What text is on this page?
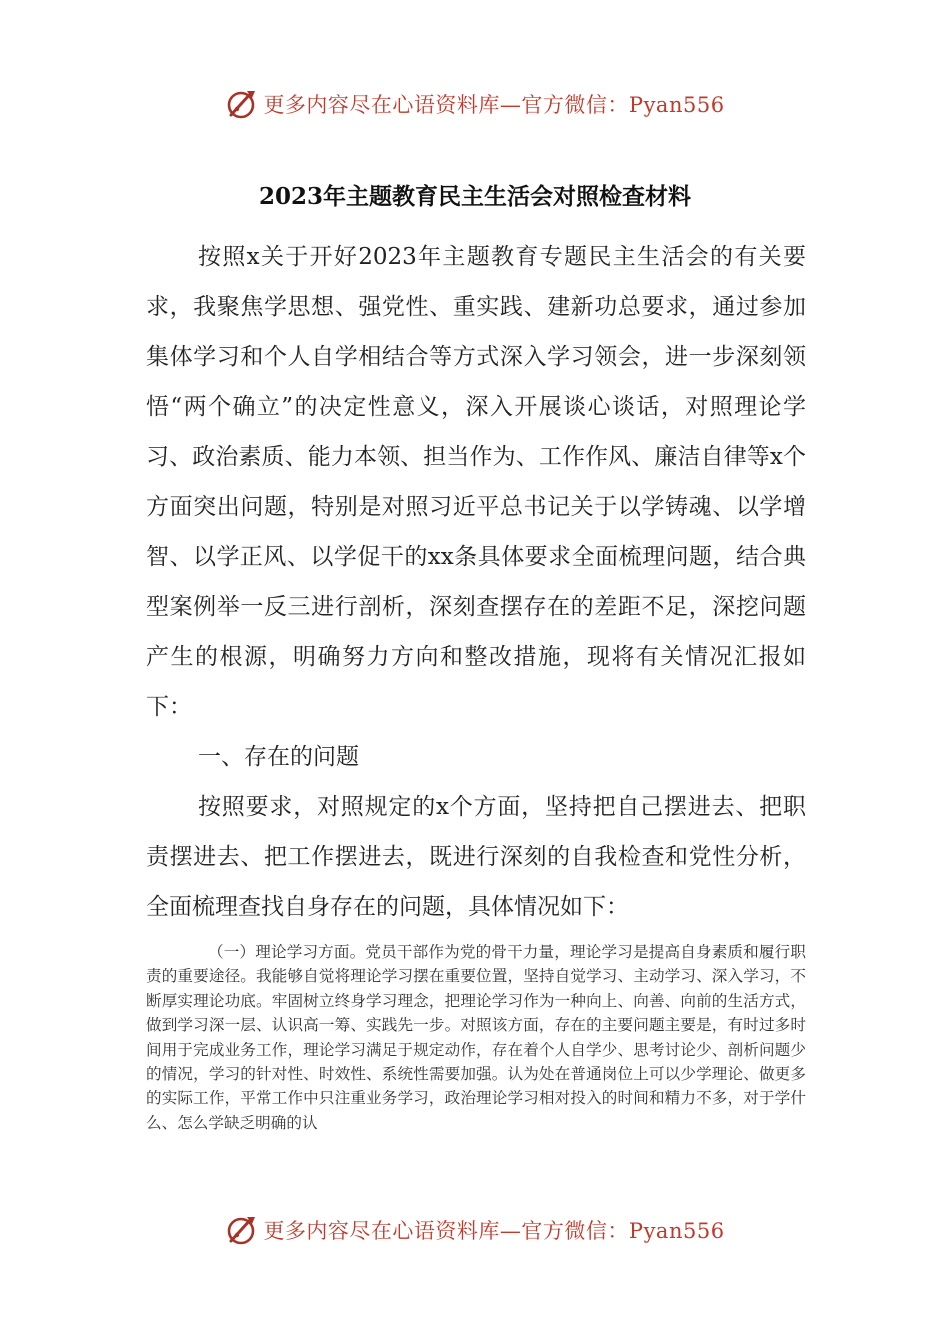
更多内容尽在心语资料库—官方微信：Pyan556
2023年主题教育民主生活会对照检查材料

按照x关于开好2023年主题教育专题民主生活会的有关要求，我聚焦学思想、强党性、重实践、建新功总要求，通过参加集体学习和个人自学相结合等方式深入学习领会，进一步深刻领悟“两个确立”的决定性意义，深入开展谈心谈话，对照理论学习、政治素质、能力本领、担当作为、工作作风、廉洁自律等x个方面突出问题，特别是对照习近平总书记关于以学铸魂、以学增智、以学正风、以学促干的xx条具体要求全面梳理问题，结合典型案例举一反三进行剖析，深刻查摆存在的差距不足，深挖问题产生的根源，明确努力方向和整改措施，现将有关情况汇报如下：

一、存在的问题

按照要求，对照规定的x个方面，坚持把自己摆进去、把职责摆进去、把工作摆进去，既进行深刻的自我检查和党性分析，全面梳理查找自身存在的问题，具体情况如下：

（一）理论学习方面。党员干部作为党的骨干力量，理论学习是提高自身素质和履行职责的重要途径。我能够自觉将理论学习摆在重要位置，坚持自觉学习、主动学习、深入学习，不断厚实理论功底。牢固树立终身学习理念，把理论学习作为一种向上、向善、向前的生活方式，做到学习深一层、认识高一筹、实践先一步。对照该方面，存在的主要问题主要是，有时过多时间用于完成业务工作，理论学习满足于规定动作，存在着个人自学少、思考讨论少、剖析问题少的情况，学习的针对性、时效性、系统性需要加强。认为处在普通岗位上可以少学理论、做更多的实际工作，平常工作中只注重业务学习，政治理论学习相对投入的时间和精力不多，对于学什么、怎么学缺乏明确的认

更多内容尽在心语资料库—官方微信：Pyan556
